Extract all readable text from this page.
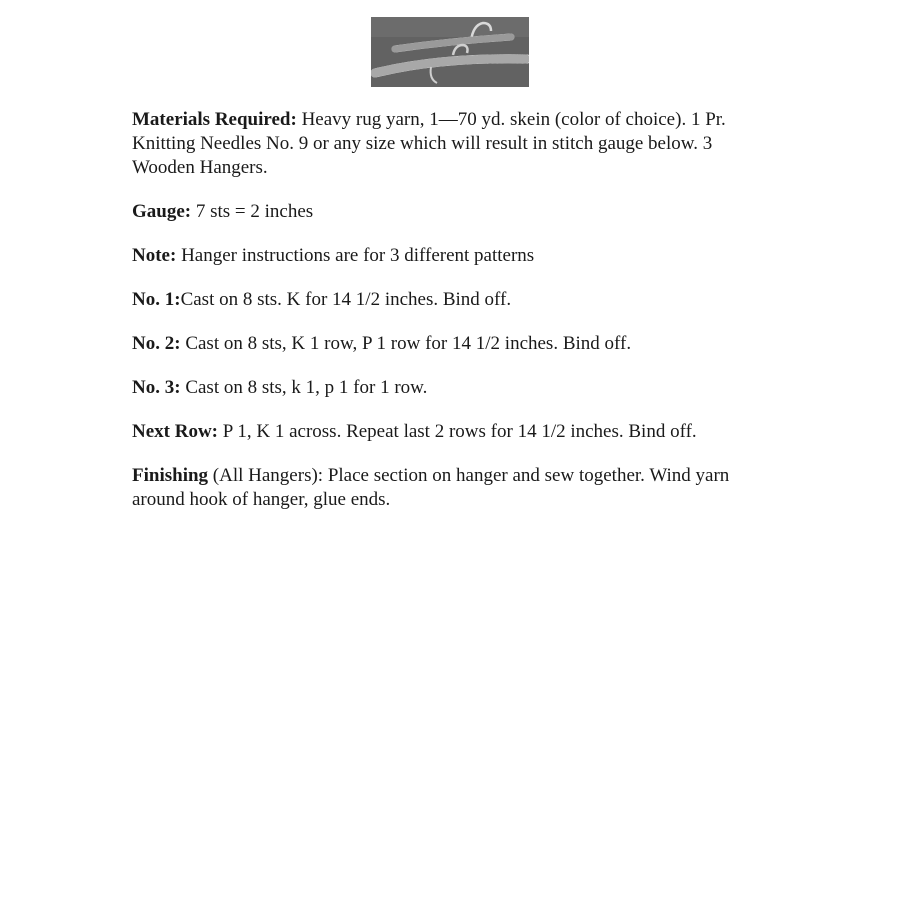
Materials Required: Heavy rug yarn, 1—70 yd. skein (color of choice). 1 Pr. Knitting Needles No. 9 or any size which will result in stitch gauge below. 3 Wooden Hangers.

Gauge: 7 sts = 2 inches

Note: Hanger instructions are for 3 different patterns

No. 1:Cast on 8 sts. K for 14 1/2 inches. Bind off.

No. 2: Cast on 8 sts, K 1 row, P 1 row for 14 1/2 inches. Bind off.

No. 3: Cast on 8 sts, k 1, p 1 for 1 row.

Next Row: P 1, K 1 across. Repeat last 2 rows for 14 1/2 inches. Bind off.

Finishing (All Hangers): Place section on hanger and sew together. Wind yarn around hook of hanger, glue ends.
